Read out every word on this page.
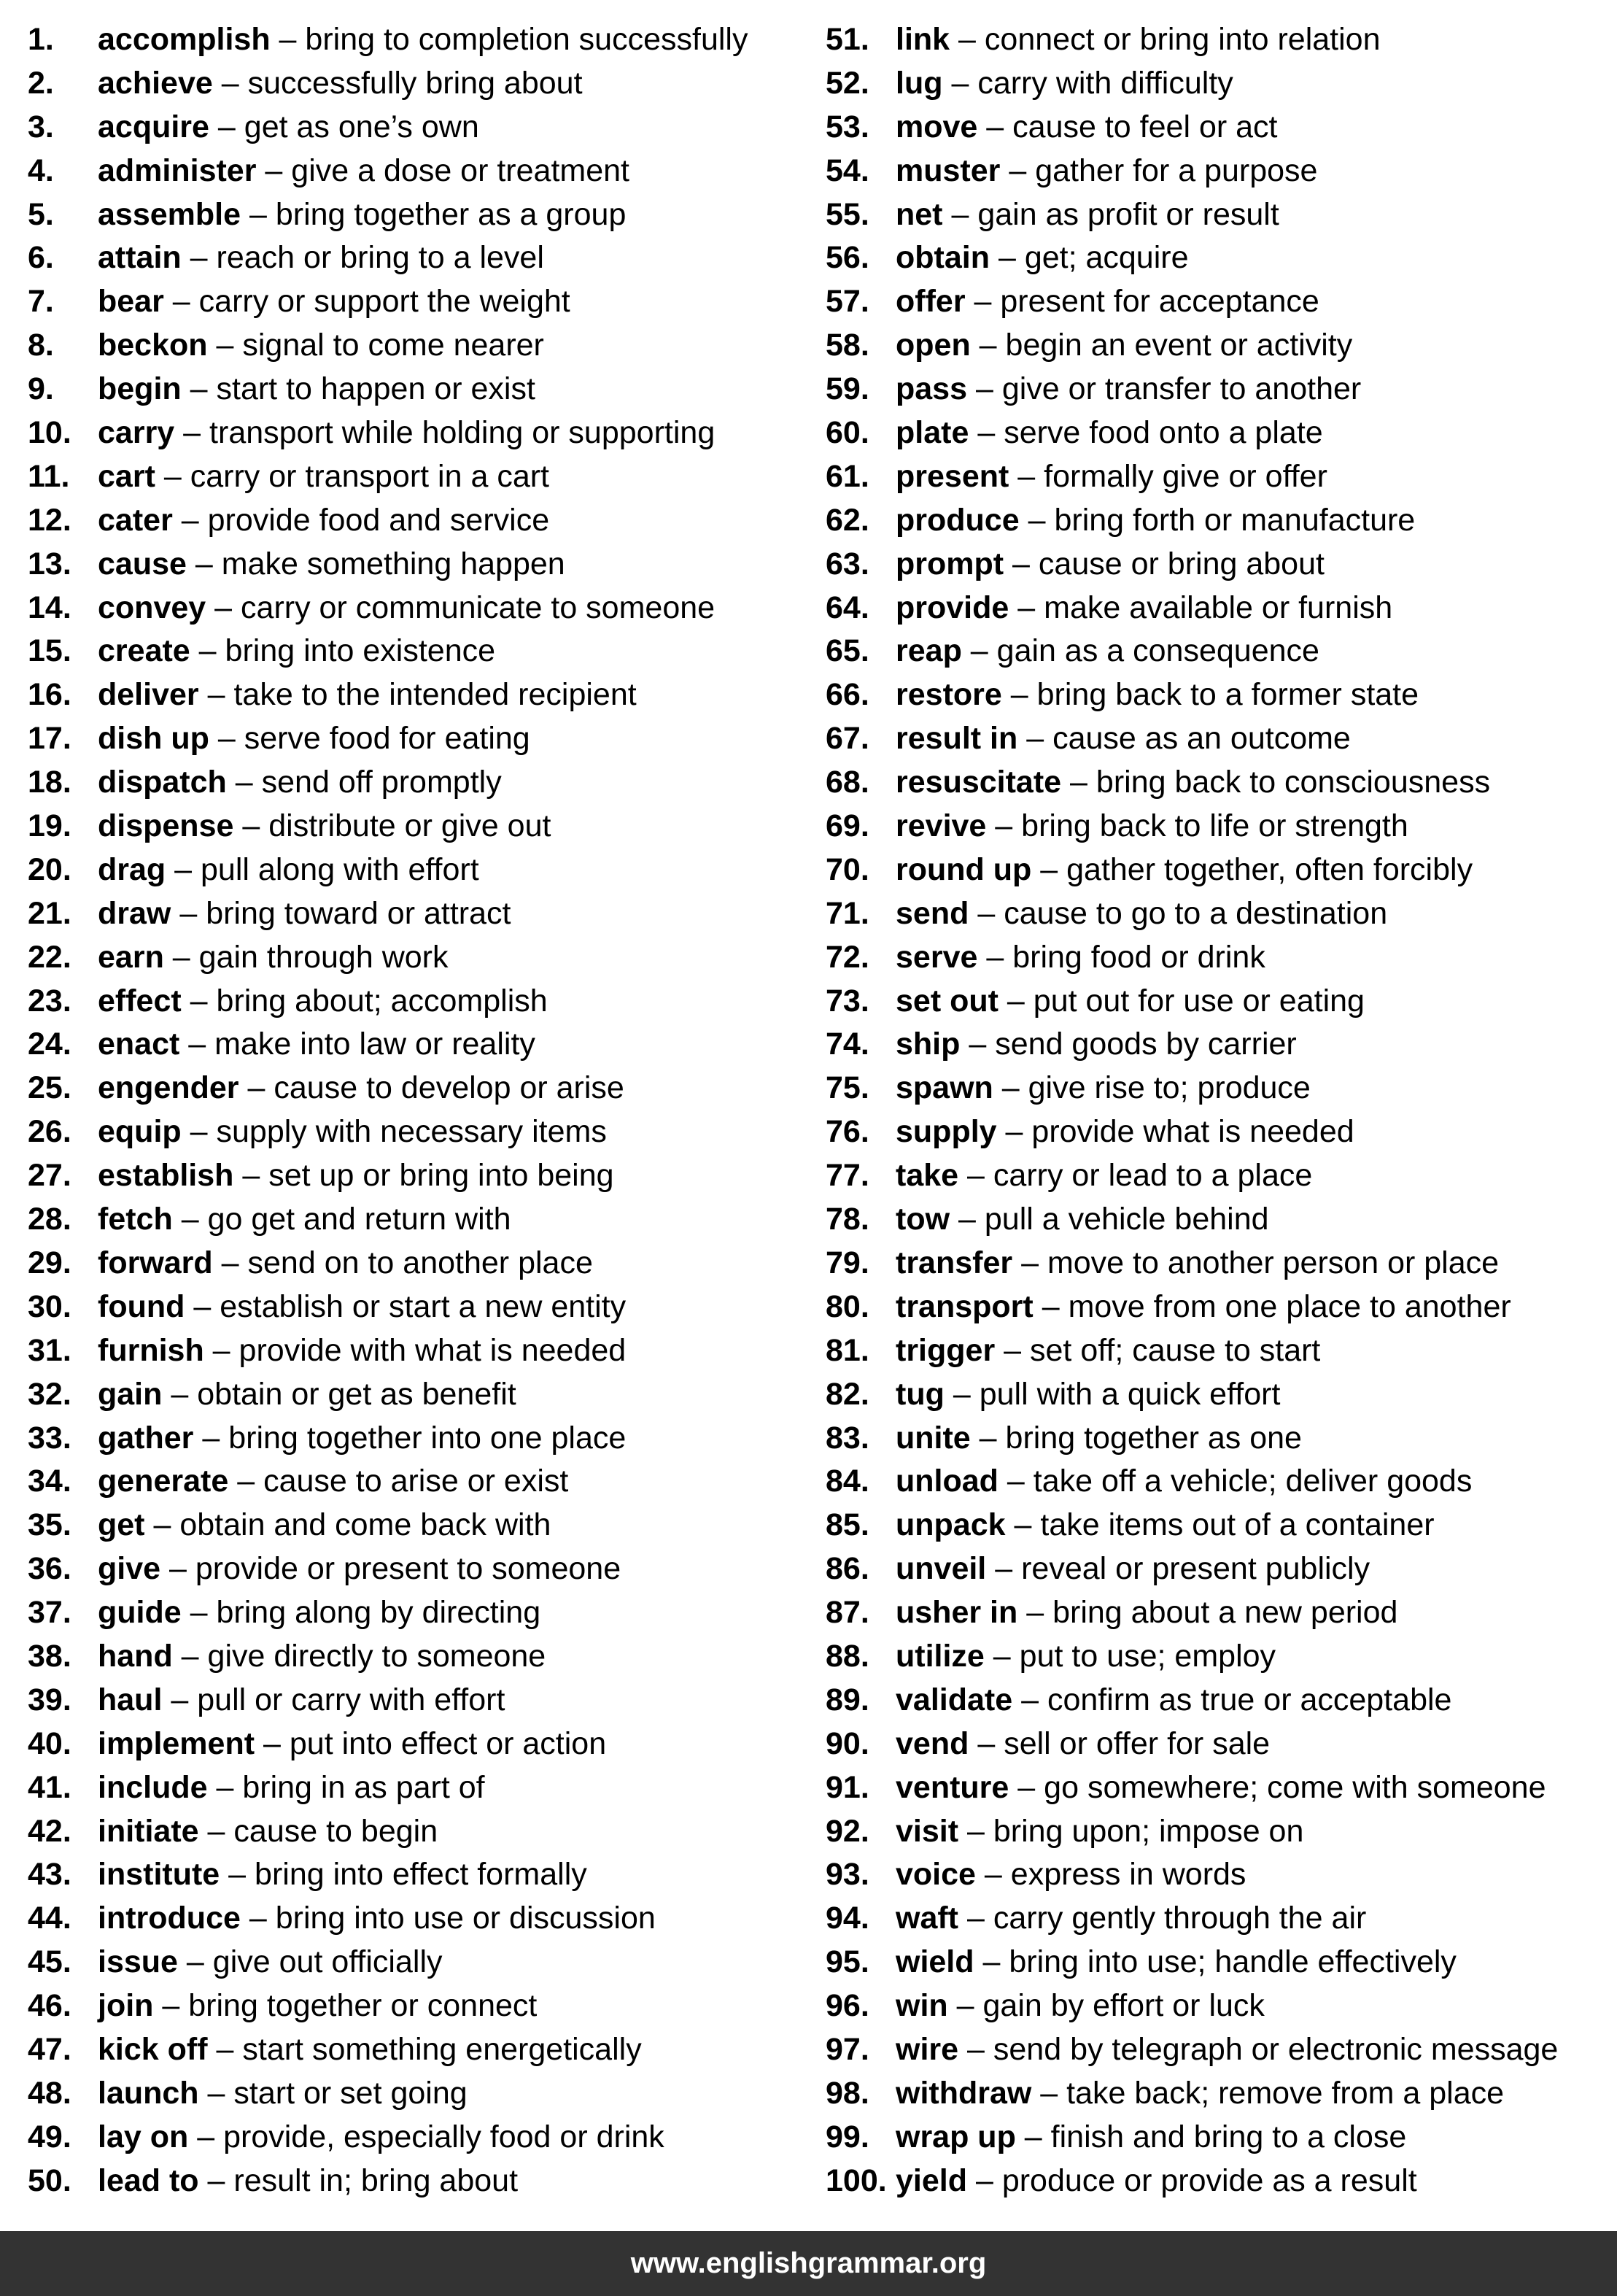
1. accomplish – bring to completion successfully
2. achieve – successfully bring about
3. acquire – get as one’s own
4. administer – give a dose or treatment
5. assemble – bring together as a group
6. attain – reach or bring to a level
7. bear – carry or support the weight
8. beckon – signal to come nearer
9. begin – start to happen or exist
10. carry – transport while holding or supporting
11. cart – carry or transport in a cart
12. cater – provide food and service
13. cause – make something happen
14. convey – carry or communicate to someone
15. create – bring into existence
16. deliver – take to the intended recipient
17. dish up – serve food for eating
18. dispatch – send off promptly
19. dispense – distribute or give out
20. drag – pull along with effort
21. draw – bring toward or attract
22. earn – gain through work
23. effect – bring about; accomplish
24. enact – make into law or reality
25. engender – cause to develop or arise
26. equip – supply with necessary items
27. establish – set up or bring into being
28. fetch – go get and return with
29. forward – send on to another place
30. found – establish or start a new entity
31. furnish – provide with what is needed
32. gain – obtain or get as benefit
33. gather – bring together into one place
34. generate – cause to arise or exist
35. get – obtain and come back with
36. give – provide or present to someone
37. guide – bring along by directing
38. hand – give directly to someone
39. haul – pull or carry with effort
40. implement – put into effect or action
41. include – bring in as part of
42. initiate – cause to begin
43. institute – bring into effect formally
44. introduce – bring into use or discussion
45. issue – give out officially
46. join – bring together or connect
47. kick off – start something energetically
48. launch – start or set going
49. lay on – provide, especially food or drink
50. lead to – result in; bring about
51. link – connect or bring into relation
52. lug – carry with difficulty
53. move – cause to feel or act
54. muster – gather for a purpose
55. net – gain as profit or result
56. obtain – get; acquire
57. offer – present for acceptance
58. open – begin an event or activity
59. pass – give or transfer to another
60. plate – serve food onto a plate
61. present – formally give or offer
62. produce – bring forth or manufacture
63. prompt – cause or bring about
64. provide – make available or furnish
65. reap – gain as a consequence
66. restore – bring back to a former state
67. result in – cause as an outcome
68. resuscitate – bring back to consciousness
69. revive – bring back to life or strength
70. round up – gather together, often forcibly
71. send – cause to go to a destination
72. serve – bring food or drink
73. set out – put out for use or eating
74. ship – send goods by carrier
75. spawn – give rise to; produce
76. supply – provide what is needed
77. take – carry or lead to a place
78. tow – pull a vehicle behind
79. transfer – move to another person or place
80. transport – move from one place to another
81. trigger – set off; cause to start
82. tug – pull with a quick effort
83. unite – bring together as one
84. unload – take off a vehicle; deliver goods
85. unpack – take items out of a container
86. unveil – reveal or present publicly
87. usher in – bring about a new period
88. utilize – put to use; employ
89. validate – confirm as true or acceptable
90. vend – sell or offer for sale
91. venture – go somewhere; come with someone
92. visit – bring upon; impose on
93. voice – express in words
94. waft – carry gently through the air
95. wield – bring into use; handle effectively
96. win – gain by effort or luck
97. wire – send by telegraph or electronic message
98. withdraw – take back; remove from a place
99. wrap up – finish and bring to a close
100. yield – produce or provide as a result
www.englishgrammar.org
